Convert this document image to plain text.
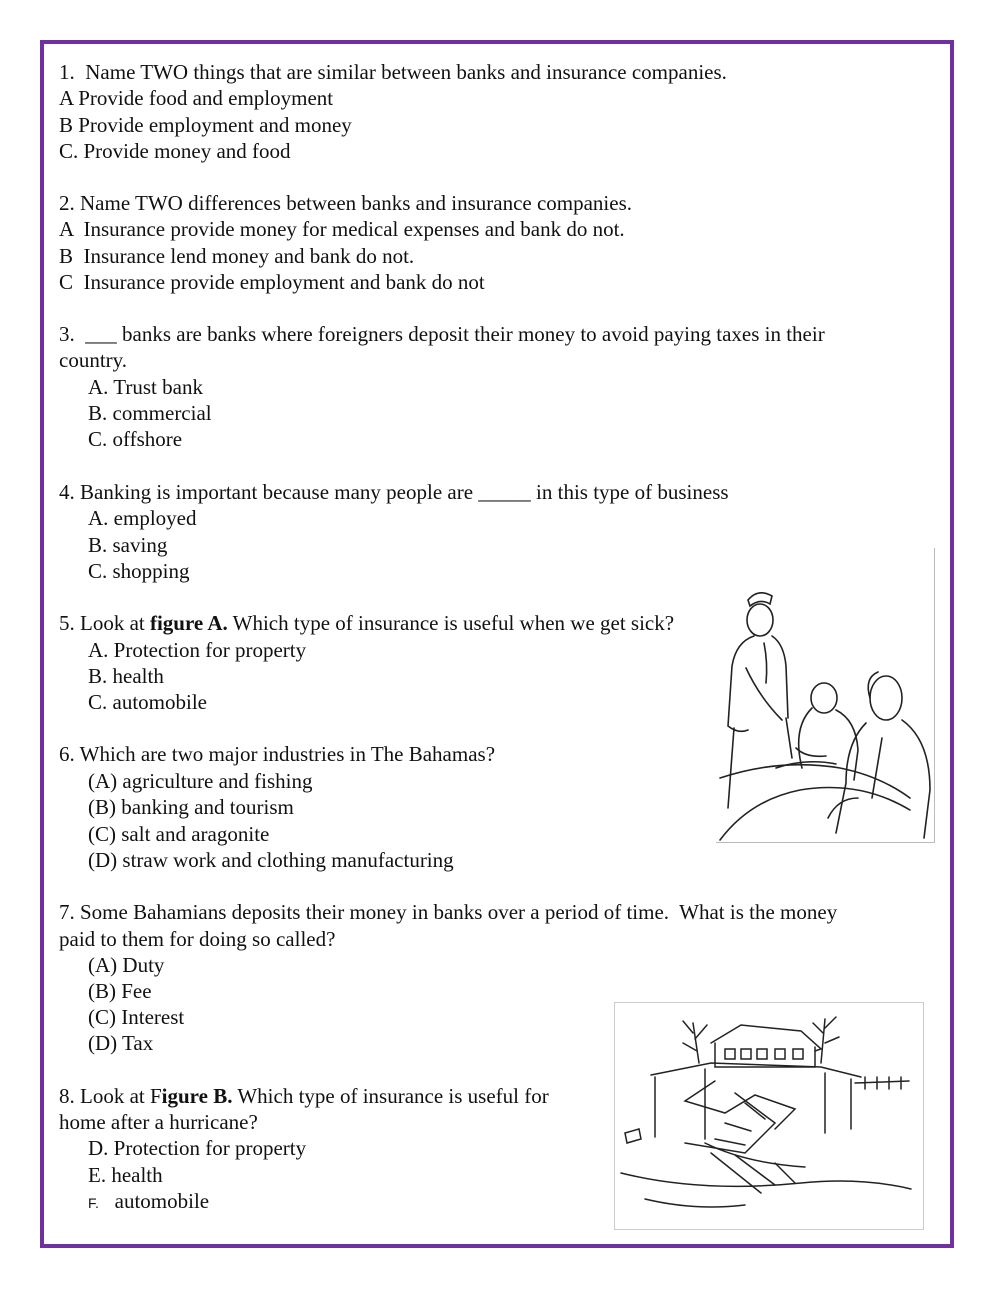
1.  Name TWO things that are similar between banks and insurance companies.
A Provide food and employment
B Provide employment and money
C. Provide money and food
2. Name TWO differences between banks and insurance companies.
A  Insurance provide money for medical expenses and bank do not.
B  Insurance lend money and bank do not.
C  Insurance provide employment and bank do not
3.  ___ banks are banks where foreigners deposit their money to avoid paying taxes in their
country.
A. Trust bank
B. commercial
C. offshore
4. Banking is important because many people are _____ in this type of business
A. employed
B. saving
C. shopping
5. Look at figure A. Which type of insurance is useful when we get sick?
A. Protection for property
B. health
C. automobile
6. Which are two major industries in The Bahamas?
(A) agriculture and fishing
(B) banking and tourism
(C) salt and aragonite
(D) straw work and clothing manufacturing
7. Some Bahamians deposits their money in banks over a period of time.  What is the money
paid to them for doing so called?
(A) Duty
(B) Fee
(C) Interest
(D) Tax
8. Look at Figure B. Which type of insurance is useful for
home after a hurricane?
D. Protection for property
E. health
F. automobile
